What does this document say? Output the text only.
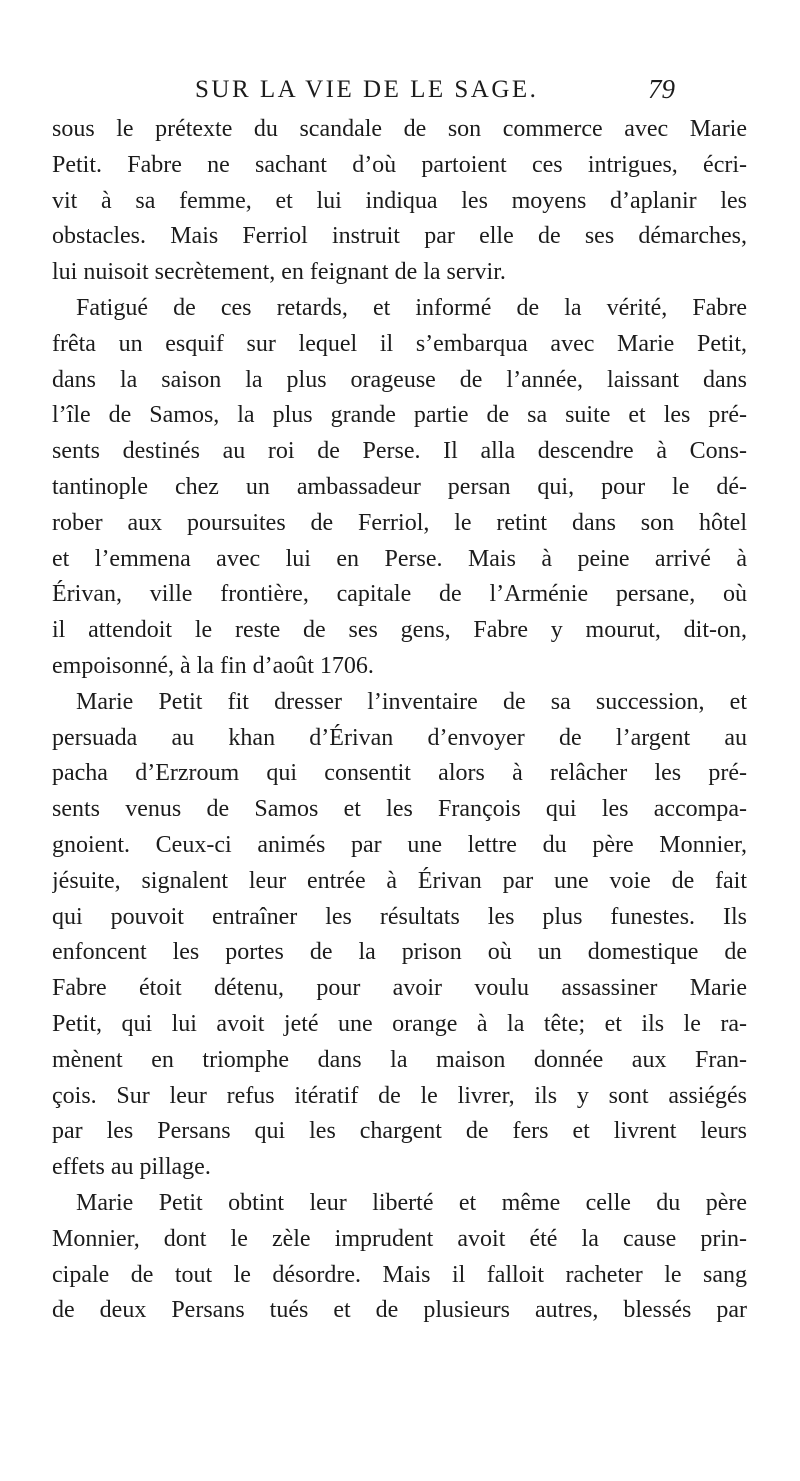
SUR LA VIE DE LE SAGE.	79
sous le prétexte du scandale de son commerce avec Marie
Petit. Fabre ne sachant d’où partoient ces intrigues, écri-
vit à sa femme, et lui indiqua les moyens d’aplanir les
obstacles. Mais Ferriol instruit par elle de ses démarches,
lui nuisoit secrètement, en feignant de la servir.
Fatigué de ces retards, et informé de la vérité, Fabre
frêta un esquif sur lequel il s’embarqua avec Marie Petit,
dans la saison la plus orageuse de l’année, laissant dans
l’île de Samos, la plus grande partie de sa suite et les pré-
sents destinés au roi de Perse. Il alla descendre à Cons-
tantinople chez un ambassadeur persan qui, pour le dé-
rober aux poursuites de Ferriol, le retint dans son hôtel
et l’emmena avec lui en Perse. Mais à peine arrivé à
Érivan, ville frontière, capitale de l’Arménie persane, où
il attendoit le reste de ses gens, Fabre y mourut, dit-on,
empoisonné, à la fin d’août 1706.
Marie Petit fit dresser l’inventaire de sa succession, et
persuada au khan d’Érivan d’envoyer de l’argent au
pacha d’Erzroum qui consentit alors à relâcher les pré-
sents venus de Samos et les François qui les accompa-
gnoient. Ceux-ci animés par une lettre du père Monnier,
jésuite, signalent leur entrée à Érivan par une voie de fait
qui pouvoit entraîner les résultats les plus funestes. Ils
enfoncent les portes de la prison où un domestique de
Fabre étoit détenu, pour avoir voulu assassiner Marie
Petit, qui lui avoit jeté une orange à la tête; et ils le ra-
mènent en triomphe dans la maison donnée aux Fran-
çois. Sur leur refus itératif de le livrer, ils y sont assiégés
par les Persans qui les chargent de fers et livrent leurs
effets au pillage.
Marie Petit obtint leur liberté et même celle du père
Monnier, dont le zèle imprudent avoit été la cause prin-
cipale de tout le désordre. Mais il falloit racheter le sang
de deux Persans tués et de plusieurs autres, blessés par
